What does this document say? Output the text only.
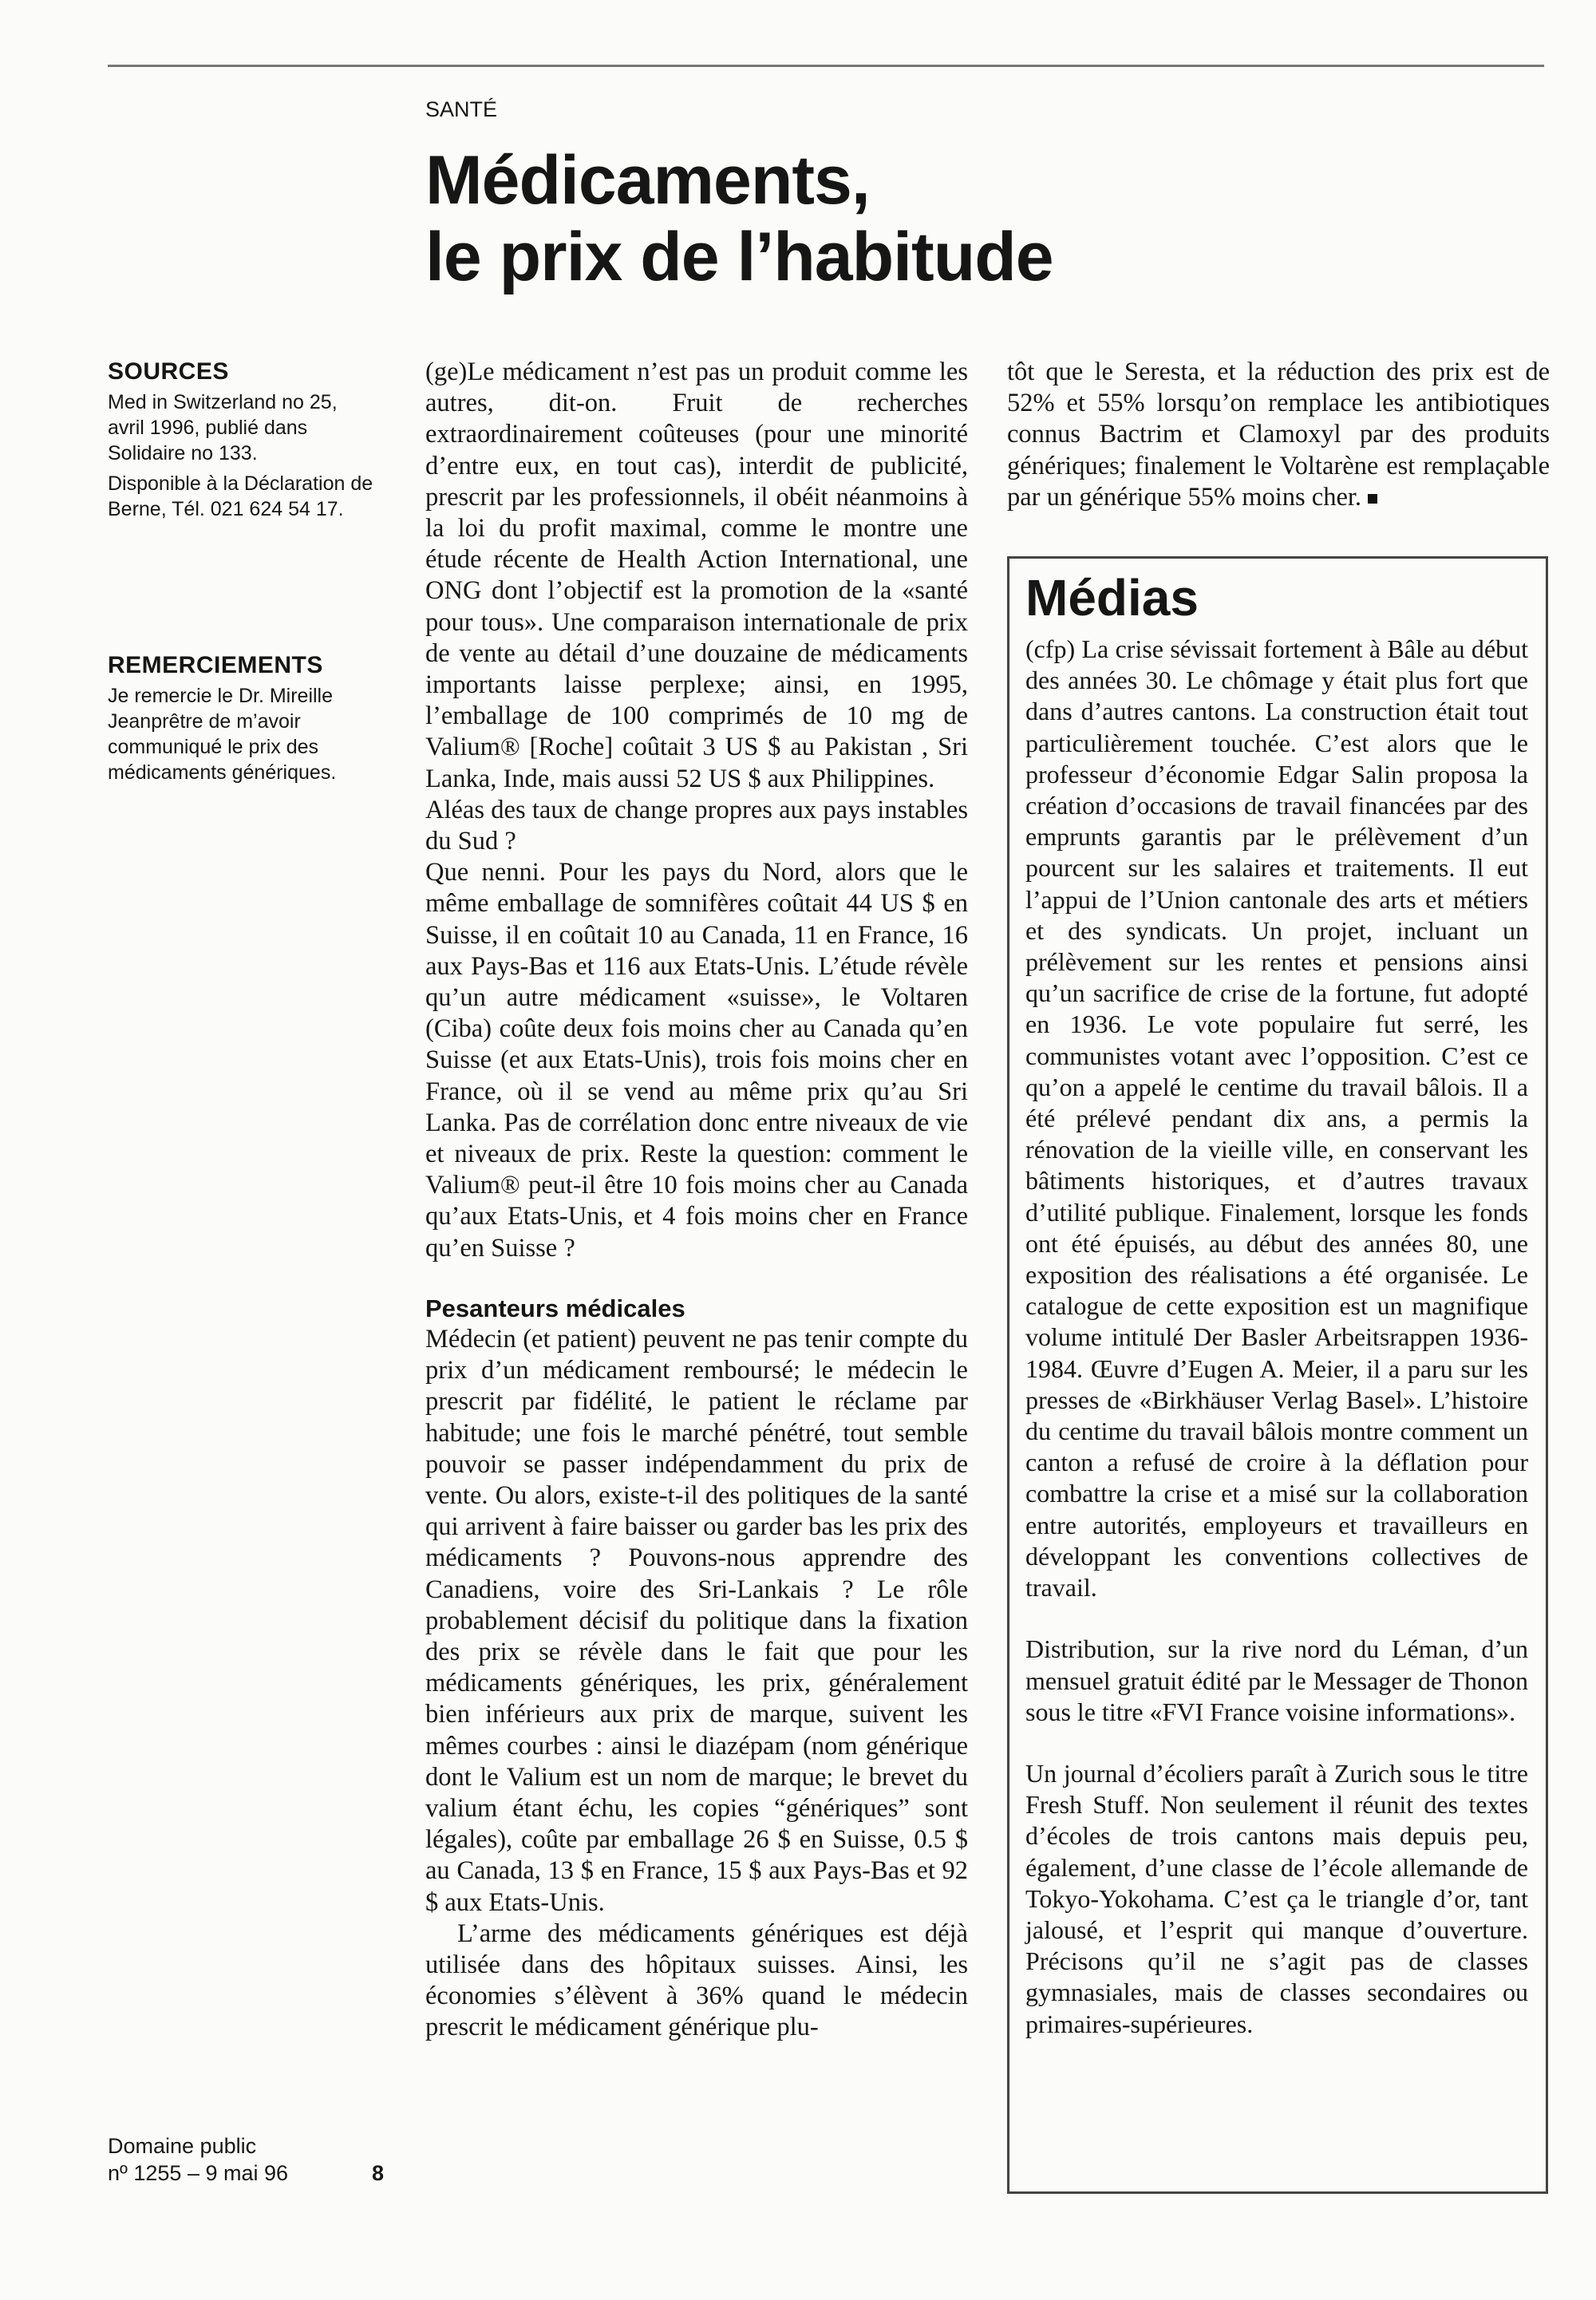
SANTÉ
Médicaments,
le prix de l’habitude
SOURCES

Med in Switzerland no 25, avril 1996, publié dans Solidaire no 133.

Disponible à la Déclaration de Berne, Tél. 021 624 54 17.

REMERCIEMENTS

Je remercie le Dr. Mireille Jeanprêtre de m’avoir communiqué le prix des médicaments génériques.

(ge)Le médicament n’est pas un produit comme les autres, dit-on. Fruit de recherches extraordinairement coûteuses (pour une minorité d’entre eux, en tout cas), interdit de publicité, prescrit par les professionnels, il obéit néanmoins à la loi du profit maximal, comme le montre une étude récente de Health Action International, une ONG dont l’objectif est la promotion de la «santé pour tous». Une comparaison internationale de prix de vente au détail d’une douzaine de médicaments importants laisse perplexe; ainsi, en 1995, l’emballage de 100 comprimés de 10 mg de Valium® [Roche] coûtait 3 US $ au Pakistan , Sri Lanka, Inde, mais aussi 52 US $ aux Philippines.

Aléas des taux de change propres aux pays instables du Sud ?

Que nenni. Pour les pays du Nord, alors que le même emballage de somnifères coûtait 44 US $ en Suisse, il en coûtait 10 au Canada, 11 en France, 16 aux Pays-Bas et 116 aux Etats-Unis. L’étude révèle qu’un autre médicament «suisse», le Voltaren (Ciba) coûte deux fois moins cher au Canada qu’en Suisse (et aux Etats-Unis), trois fois moins cher en France, où il se vend au même prix qu’au Sri Lanka. Pas de corrélation donc entre niveaux de vie et niveaux de prix. Reste la question: comment le Valium® peut-il être 10 fois moins cher au Canada qu’aux Etats-Unis, et 4 fois moins cher en France qu’en Suisse ?

Pesanteurs médicales

Médecin (et patient) peuvent ne pas tenir compte du prix d’un médicament remboursé; le médecin le prescrit par fidélité, le patient le réclame par habitude; une fois le marché pénétré, tout semble pouvoir se passer indépendamment du prix de vente. Ou alors, existe-t-il des politiques de la santé qui arrivent à faire baisser ou garder bas les prix des médicaments ? Pouvons-nous apprendre des Canadiens, voire des Sri-Lankais ? Le rôle probablement décisif du politique dans la fixation des prix se révèle dans le fait que pour les médicaments génériques, les prix, généralement bien inférieurs aux prix de marque, suivent les mêmes courbes : ainsi le diazépam (nom générique dont le Valium est un nom de marque; le brevet du valium étant échu, les copies “génériques” sont légales), coûte par emballage 26 $ en Suisse, 0.5 $ au Canada, 13 $ en France, 15 $ aux Pays-Bas et 92 $ aux Etats-Unis.

L’arme des médicaments génériques est déjà utilisée dans des hôpitaux suisses. Ainsi, les économies s’élèvent à 36% quand le médecin prescrit le médicament générique plu-

tôt que le Seresta, et la réduction des prix est de 52% et 55% lorsqu’on remplace les antibiotiques connus Bactrim et Clamoxyl par des produits génériques; finalement le Voltarène est remplaçable par un générique 55% moins cher.

Médias

(cfp) La crise sévissait fortement à Bâle au début des années 30. Le chômage y était plus fort que dans d’autres cantons. La construction était tout particulièrement touchée. C’est alors que le professeur d’économie Edgar Salin proposa la création d’occasions de travail financées par des emprunts garantis par le prélèvement d’un pourcent sur les salaires et traitements. Il eut l’appui de l’Union cantonale des arts et métiers et des syndicats. Un projet, incluant un prélèvement sur les rentes et pensions ainsi qu’un sacrifice de crise de la fortune, fut adopté en 1936. Le vote populaire fut serré, les communistes votant avec l’opposition. C’est ce qu’on a appelé le centime du travail bâlois. Il a été prélevé pendant dix ans, a permis la rénovation de la vieille ville, en conservant les bâtiments historiques, et d’autres travaux d’utilité publique. Finalement, lorsque les fonds ont été épuisés, au début des années 80, une exposition des réalisations a été organisée. Le catalogue de cette exposition est un magnifique volume intitulé Der Basler Arbeitsrappen 1936-1984. Œuvre d’Eugen A. Meier, il a paru sur les presses de «Birkhäuser Verlag Basel». L’histoire du centime du travail bâlois montre comment un canton a refusé de croire à la déflation pour combattre la crise et a misé sur la collaboration entre autorités, employeurs et travailleurs en développant les conventions collectives de travail.

Distribution, sur la rive nord du Léman, d’un mensuel gratuit édité par le Messager de Thonon sous le titre «FVI France voisine informations».

Un journal d’écoliers paraît à Zurich sous le titre Fresh Stuff. Non seulement il réunit des textes d’écoles de trois cantons mais depuis peu, également, d’une classe de l’école allemande de Tokyo-Yokohama. C’est ça le triangle d’or, tant jalousé, et l’esprit qui manque d’ouverture. Précisons qu’il ne s’agit pas de classes gymnasiales, mais de classes secondaires ou primaires-supérieures.

Domaine public
nº 1255 – 9 mai 96	8
